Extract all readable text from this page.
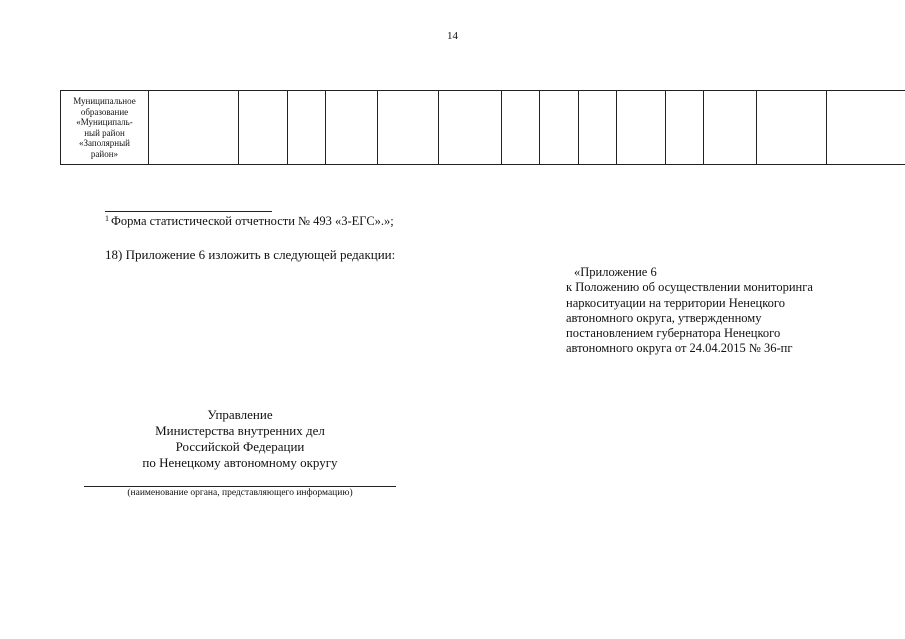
14
Муниципальное
образование
«Муниципаль-
ный район
«Заполярный
район»

$^1$ Форма статистической отчетности № 493 «3-ЕГС».»;
18) Приложение 6 изложить в следующей редакции:
«Приложение 6
к Положению об осуществлении мониторинга
наркоситуации на территории Ненецкого
автономного округа, утвержденному
постановлением губернатора Ненецкого
автономного округа от 24.04.2015 № 36-пг
Управление
Министерства внутренних дел
Российской Федерации
по Ненецкому автономному округу
(наименование органа, представляющего информацию)
